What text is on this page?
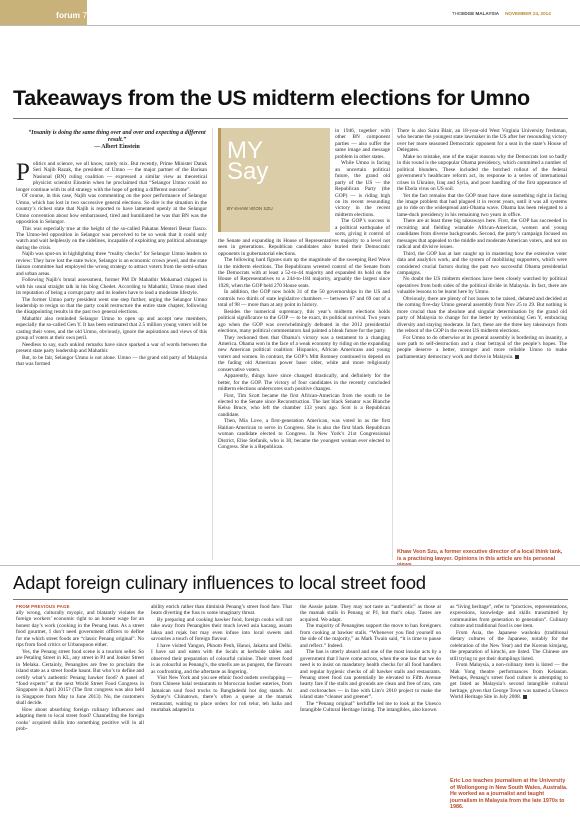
forum 74	THEEDGE MALAYSIA NOVEMBER 24, 2014
Takeaways from the US midterm elections for Umno
“Insanity is doing the same thing over and over and expecting a different result.”
— Albert Einstein

Politics and science, we all know, rarely mix. But recently, Prime Minister Datuk Seri Najib Razak, the president of Umno — the major partner of the Barisan Nasional (BN) ruling coalition — expressed a similar view as theoretical physicist scientist Einstein when he proclaimed that “Selangor Umno could no longer continue with its old strategy with the hope of getting a different outcome”.

Of course, in this case, Najib was commenting on the poor performance of Selangor Umno, which has lost in two successive general elections. So dire is the situation in the country’s richest state that Najib is reported to have lamented openly at the Selangor Umno convention about how embarrassed, tired and humiliated he was that BN was the opposition in Selangor.

This was especially true at the height of the so-called Pakatan Menteri Besar fiasco. The Umno-led opposition in Selangor was perceived to be so weak that it could only watch and wait helplessly on the sidelines, incapable of exploiting any political advantage during the crisis.

Najib was spot-on in highlighting three “reality checks” for Selangor Umno leaders to review: They have lost the state twice, Selangor is an economic crown jewel, and the state liaison committee had employed the wrong strategy to attract voters from the semi-urban and urban areas.

Following Najib’s brutal assessment, former PM Dr Mahathir Mohamad chipped in with his usual straight talk in his blog Chedet. According to Mahathir, Umno must shed its reputation of being a corrupt party and its leaders have to lead a moderate lifestyle.

The former Umno party president went one step further, urging the Selangor Umno leadership to resign so that the party could restructure the entire state chapter, following the disappointing results in the past two general elections.

Mahathir also reminded Selangor Umno to open up and accept new members, especially the so-called Gen Y. It has been estimated that 2.5 million young voters will be casting their votes, and the old Umno, obviously, ignore the aspirations and views of this group of voters at their own peril.

Needless to say, such unkind remarks have since sparked a war of words between the present state party leadership and Mahathir.

But, to be fair, Selangor Umno is not alone. Umno — the grand old party of Malaysia that was formed

MY
Say
BY KHAW VEON SZU

in 1946, together with other BN component parties — also suffer the same image and message problem in other states.

While Umno is facing an uncertain political future, the grand old party of the US — the Republican Party (the GOP) — is riding high on its recent resounding victory in the recent midterm elections.

The GOP’s success is a political earthquake of sorts, giving it control of the Senate and expanding its House of Representatives majority to a level not seen in generations. Republican candidates also buried their Democratic opponents in gubernatorial elections.

The following hard figures sum up the magnitude of the sweeping Red Wave in the midterm elections. The Republicans wrested control of the Senate from the Democrats with at least a 52-to-44 majority and expanded its hold on the House of Representatives to a 244-to-184 majority, arguably the largest since 1928, when the GOP held 270 House seats.

In addition, the GOP now holds 31 of the 50 governorships in the US and controls two thirds of state legislative chambers — between 67 and 69 out of a total of 98 — more than at any point in history.

Besides the numerical supremacy, this year’s midterm elections holds political significance to the GOP — to be exact, its political survival. Two years ago when the GOP was overwhelmingly defeated in the 2012 presidential elections, many political commentators had painted a bleak future for the party.

They reckoned then that Obama’s victory was a testament to a changing America. Obama won in the face of a weak economy by riding on the expanding new American political coalition: Hispanics, African Americans and young voters and women. In contrast, the GOP’s Mitt Romney continued to depend on the fading old American power base: older, white and more religiously conservative voters.

Apparently, things have since changed drastically, and definitely for the better, for the GOP. The victory of four candidates in the recently concluded midterm elections underscores such positive changes.

First, Tim Scott became the first African-American from the south to be elected to the Senate since Reconstruction. The last black Senator was Blanche Kelso Bruce, who left the chamber 133 years ago. Scot is a Republican candidate.

Then, Mia Love, a first-generation American, was voted in as the first Haitian-American to serve in Congress. She is also the first black Republican woman candidate elected to Congress. In New York’s 21st Congressional District, Elise Stefanik, who is 30, became the youngest woman ever elected to Congress. She is a Republican.

There is also Saira Blair, an 18-year-old West Virginia University freshman, who became the youngest state lawmaker in the US after her resounding victory over her more seasoned Democratic opponent for a seat in the state’s House of Delegates.

Make no mistake, one of the major reasons why the Democrats lost so badly in this round is the unpopular Obama presidency, which committed a number of political blunders. These included the botched rollout of the federal government’s healthcare reform act, its response to a series of international crises in Ukraine, Iraq and Syria, and poor handling of the first appearance of the Ebola virus on US soil.

Yet the fact remains that the GOP must have done something right in facing the image problem that had plagued it in recent years, until it was all systems go to ride on the widespread anti-Obama wave. Obama has been relegated to a lame-duck presidency in his remaining two years in office.

There are at least three big takeaways here. First, the GOP has succeeded in recruiting and fielding winnable African-American, women and young candidates from diverse backgrounds. Second, the party’s campaign focused on messages that appealed to the middle and moderate American voters, and not on radical and divisive issues.

Third, the GOP has at last caught up in mastering how the extensive voter data and analytics work, and the system of mobilising supporters, which were considered crucial factors during the past two successful Obama presidential campaigns.

No doubt the US midterm elections have been closely watched by political operatives from both sides of the political divide in Malaysia. In fact, there are valuable lessons to be learnt here by Umno.

Obviously, there are plenty of hot issues to be raised, debated and decided at the coming five-day Umno general assembly from Nov 25 to 29. But nothing is more crucial than the absolute and singular determination by the grand old party of Malaysia to change for the better by welcoming Gen Y, embracing diversity and staying moderate. In fact, these are the three key takeaways from the reboot of the GOP in the recent US midterm elections.

For Umno to do otherwise at its general assembly is bordering on insanity, a sure path to self-destruction and a clear betrayal of the people’s hopes. The people deserve a better, stronger and more reliable Umno to make parliamentary democracy work and thrive in Malaysia.

Khaw Veon Szu, a former executive director of a local think tank, is a practising lawyer. Opinions in this article are his personal
Adapt foreign culinary influences to local street food
FROM PREVIOUS PAGE

ally wrong, culturally myopic, and blatantly violates the foreign workers’ economic right to an honest wage for an honest day’s work (cooking in the Penang heat. As a street food gourmet, I don’t need government officers to define for me which street foods are “classic Penang original”. No tips from food critics or Urbanspoon either.

Yes, the Penang street food scene is a tourism seller. So are Petaling Street in KL, any street in PJ and Jonker Street in Melaka. Certainly, Penangites are free to proclaim the island state as a street foodie haunt. But who’s to define and certify what’s authentic Penang hawker food? A panel of “food experts” at the next World Street Food Congress in Singapore in April 2015? (The first congress was also held in Singapore from May to June 2013). No, the customers shall decide.

How about absorbing foreign culinary influences and adapting them to local street food? Channelling the foreign cooks’ acquired skills into something positive will in all prob-

ability enrich rather than diminish Penang’s street food fare. That beats diverting the fuss to some imaginary threat.

By preparing and cooking hawker food, foreign cooks will not take away from Penangites their much loved asia kacang, assam laksa and rojak but may even infuse into local sweets and savouries a touch of foreign flavour.

I have visited Yangon, Phnom Penh, Hanoi, Jakarta and Delhi. I have sat and eaten with the locals at kerbside tables and observed their preparation of colourful cuisine. Their street food is as colourful as Penang’s, the smells are as pungent, the flavours as confronting, and the aftertaste as lingering.

Visit New York and you see ethnic food outlets overlapping — from Chinese halal restaurants to Moroccan kosher eateries, from Jamaican soul food trucks to Bangladeshi hot dog stands. At Sydney’s Chinatown, there’s often a queue at the mamak restaurant, waiting to place orders for roti telur, teh halia and murtabak adapted to

the Aussie palate. They may not taste as “authentic” as those at the mamak stalls in Penang or PJ, but that’s okay. Tastes are acquired. We adapt.

The majority of Penangites support the move to ban foreigners from cooking at hawker stalls. “Whenever you find yourself on the side of the majority,” as Mark Twain said, “it is time to pause and reflect.” Indeed.

The ban is utterly absurd and one of the most insular acts by a government that I have come across, when the one law that we do need is to insist on mandatory health checks for all food handlers and regular hygienic checks of all hawker stalls and restaurants. Penang street food can potentially be elevated to Fifth Avenue hearty fare if the stalls and grounds are clean and free of rats, cats and cockroaches — in line with Lim’s 2010 project to make the island state “cleaner and greener”.

The “Penang original” kerfuffle led me to look at the Unesco Intangible Cultural Heritage listing. The intangibles, also known

as “living heritage”, refer to “practices, representations, expressions, knowledge and skills transmitted by communities from generation to generation”. Culinary culture and traditional food is one item.

From Asia, the Japanese washoku (traditional dietary cultures of the Japanese, notably for the celebration of the New Year) and the Korean kimjang, the preparation of kimchi, are listed. The Chinese are still trying to get their dumplings listed.

From Malaysia, a non-culinary item is listed — the Mak Yong theatre performances from Kelantan. Perhaps, Penang’s street food culture is attempting to get listed as Malaysia’s second intangible cultural heritage, given that George Town was named a Unesco World Heritage Site in July 2008.

Eric Loo teaches journalism at the University of Wollongong in New South Wales, Australia. He worked as a journalist and taught journalism in Malaysia from the late 1970s to 1986.
